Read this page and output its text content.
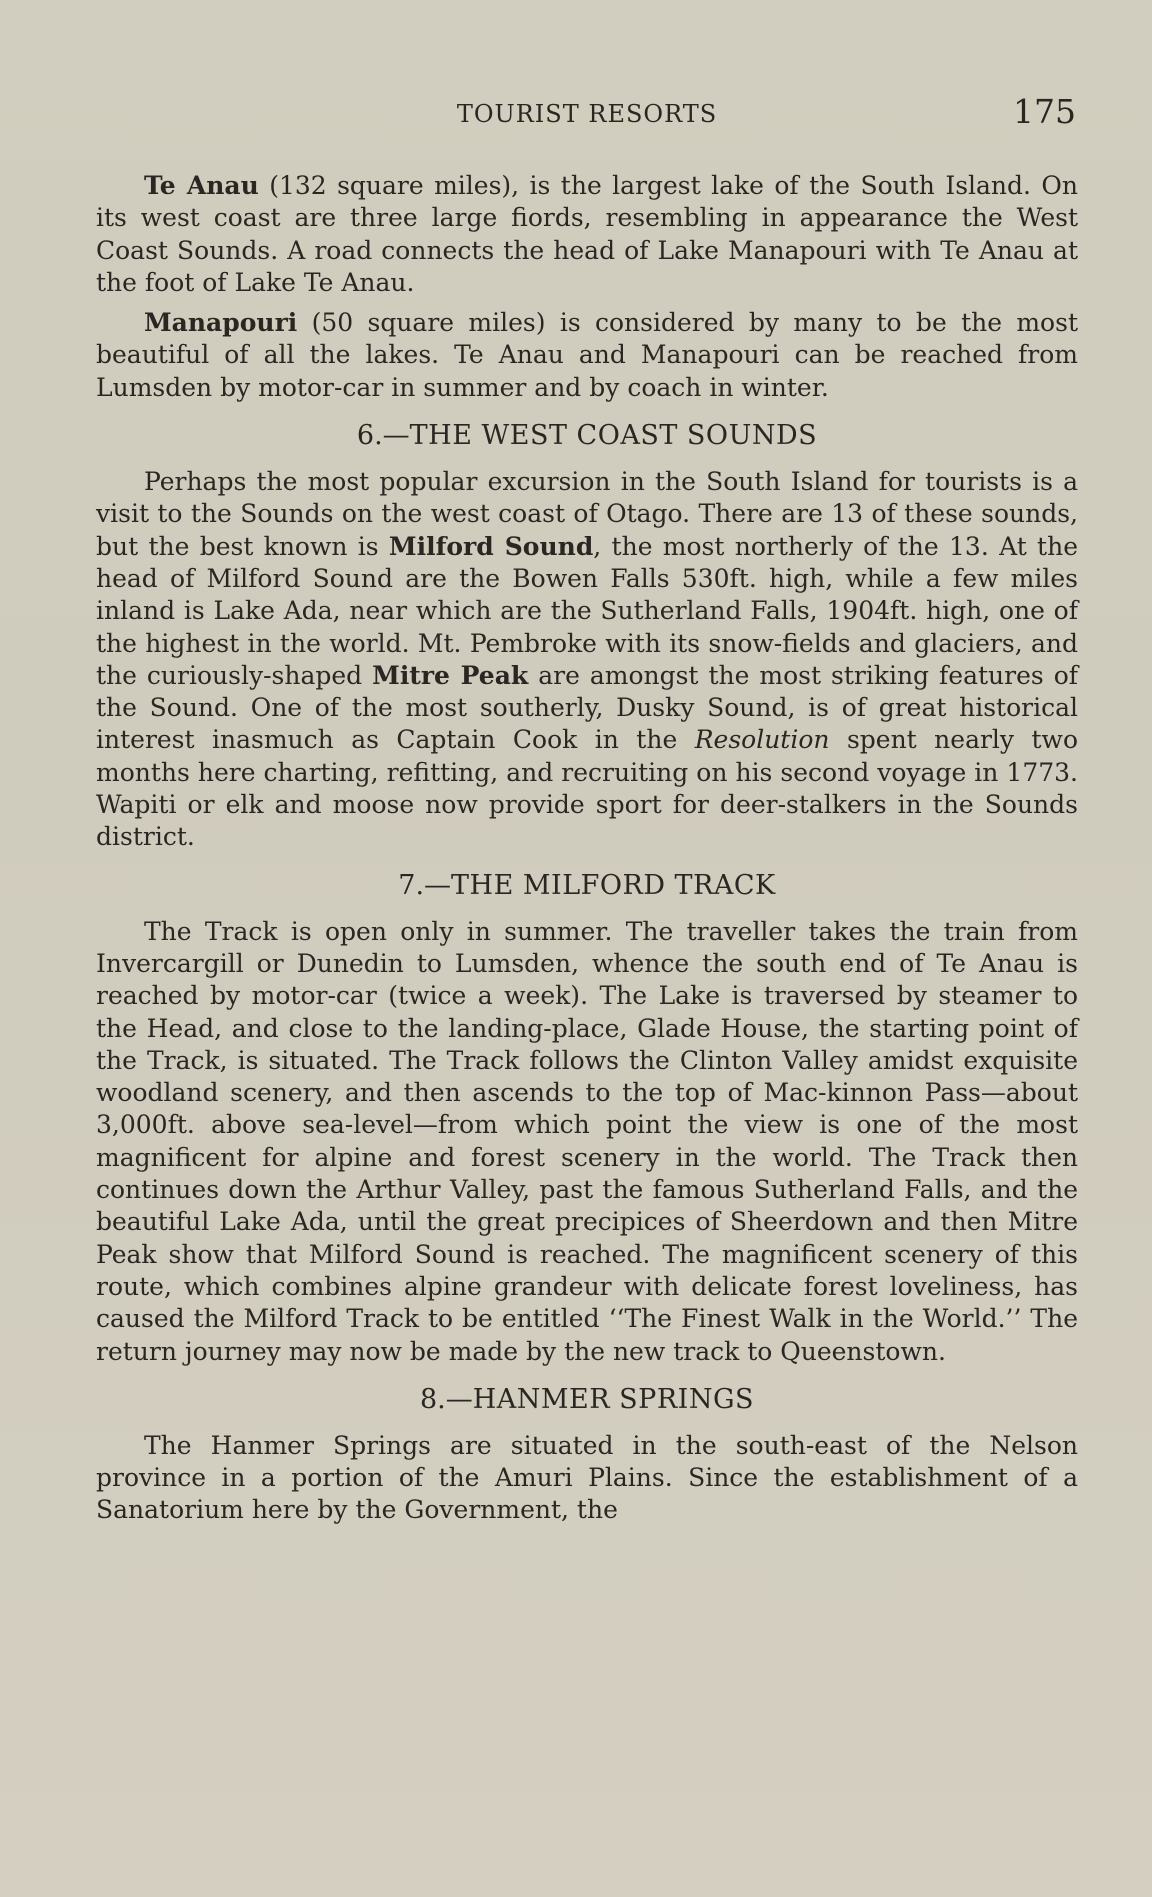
TOURIST RESORTS	175

Te Anau (132 square miles), is the largest lake of the South Island. On its west coast are three large fiords, resembling in appearance the West Coast Sounds. A road connects the head of Lake Manapouri with Te Anau at the foot of Lake Te Anau.

Manapouri (50 square miles) is considered by many to be the most beautiful of all the lakes. Te Anau and Manapouri can be reached from Lumsden by motor-car in summer and by coach in winter.

6.—THE WEST COAST SOUNDS

Perhaps the most popular excursion in the South Island for tourists is a visit to the Sounds on the west coast of Otago. There are 13 of these sounds, but the best known is Milford Sound, the most northerly of the 13. At the head of Milford Sound are the Bowen Falls 530ft. high, while a few miles inland is Lake Ada, near which are the Sutherland Falls, 1904ft. high, one of the highest in the world. Mt. Pembroke with its snow-fields and glaciers, and the curiously-shaped Mitre Peak are amongst the most striking features of the Sound. One of the most southerly, Dusky Sound, is of great historical interest inasmuch as Captain Cook in the Resolution spent nearly two months here charting, refitting, and recruiting on his second voyage in 1773. Wapiti or elk and moose now provide sport for deer-stalkers in the Sounds district.

7.—THE MILFORD TRACK

The Track is open only in summer. The traveller takes the train from Invercargill or Dunedin to Lumsden, whence the south end of Te Anau is reached by motor-car (twice a week). The Lake is traversed by steamer to the Head, and close to the landing-place, Glade House, the starting point of the Track, is situated. The Track follows the Clinton Valley amidst exquisite woodland scenery, and then ascends to the top of Mac-kinnon Pass—about 3,000ft. above sea-level—from which point the view is one of the most magnificent for alpine and forest scenery in the world. The Track then continues down the Arthur Valley, past the famous Sutherland Falls, and the beautiful Lake Ada, until the great precipices of Sheerdown and then Mitre Peak show that Milford Sound is reached. The magnificent scenery of this route, which combines alpine grandeur with delicate forest loveliness, has caused the Milford Track to be entitled ‘‘The Finest Walk in the World.’’ The return journey may now be made by the new track to Queenstown.

8.—HANMER SPRINGS

The Hanmer Springs are situated in the south-east of the Nelson province in a portion of the Amuri Plains. Since the establishment of a Sanatorium here by the Government, the
